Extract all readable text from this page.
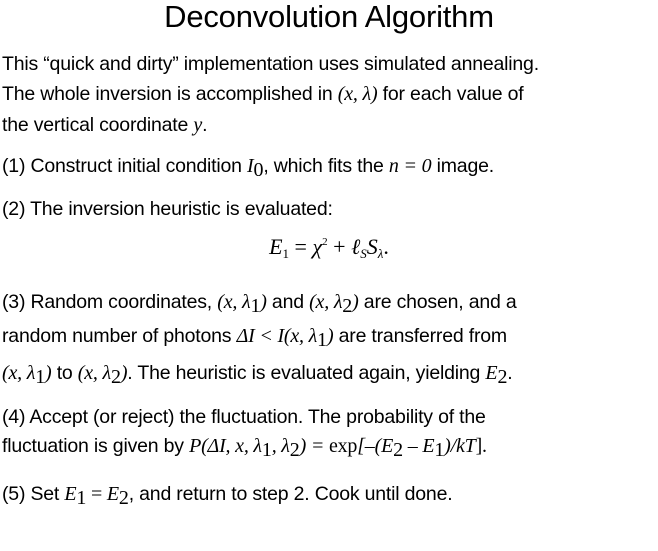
Deconvolution Algorithm
This “quick and dirty” implementation uses simulated annealing.
The whole inversion is accomplished in (x, λ) for each value of
the vertical coordinate y.
(1) Construct initial condition $I_0$, which fits the n = 0 image.
(2) The inversion heuristic is evaluated:
$E_1 = \chi^2$ + $\ell_SS_\lambda$.
(3) Random coordinates, (x, $\lambda_1$) and (x, $\lambda_2$) are chosen, and a
random number of photons ΔI < I(x, $\lambda_1$) are transferred from
(x, $\lambda_1$) to (x, $\lambda_2$). The heuristic is evaluated again, yielding $E_2$.
(4) Accept (or reject) the fluctuation. The probability of the
fluctuation is given by P(ΔI, x, $\lambda_1$, $\lambda_2) = \exp[-(E_2 - E_1)/kT]$.
(5) Set $E_1 = E_2$, and return to step 2. Cook until done.
